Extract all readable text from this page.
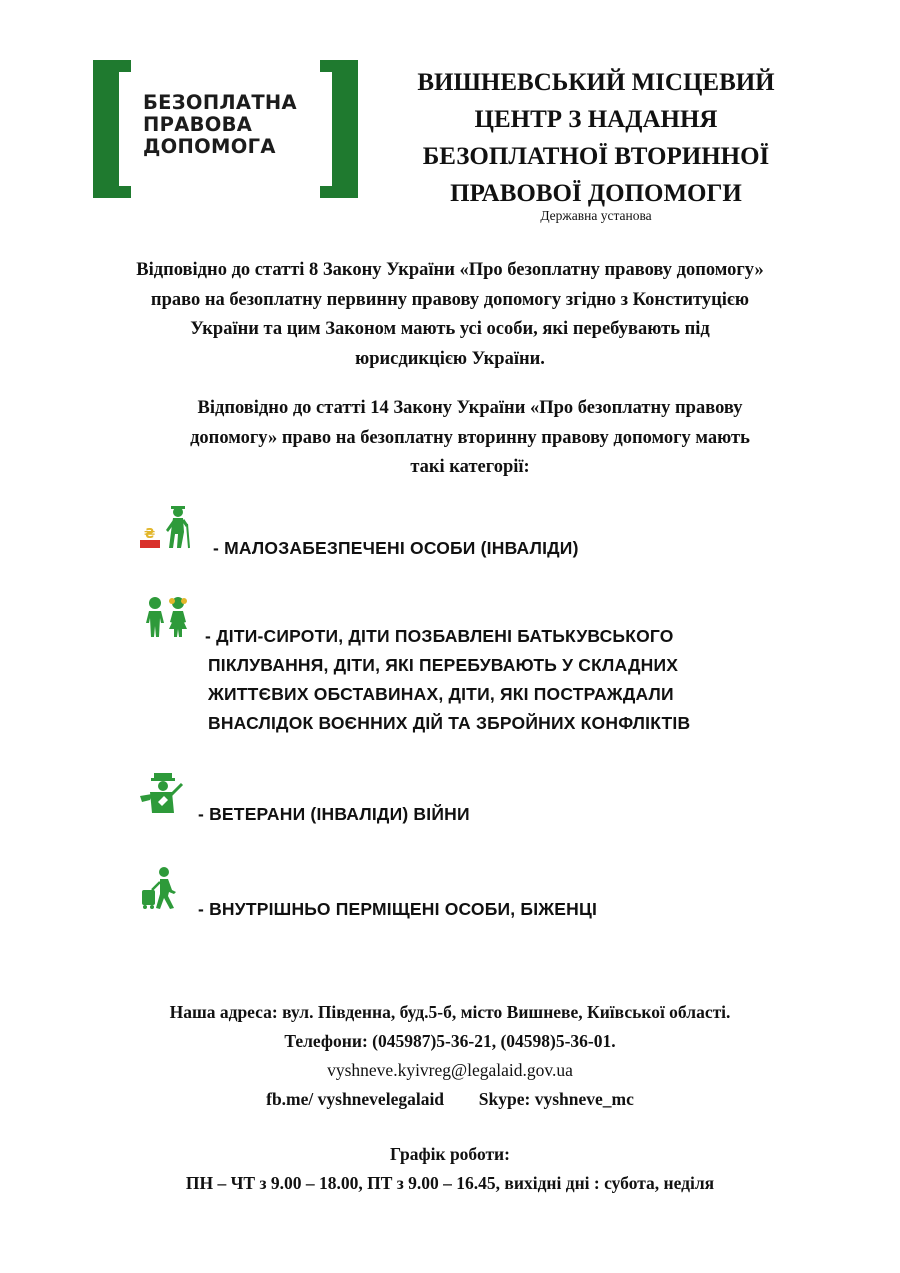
БЕЗОПЛАТНА
ПРАВОВА
ДОПОМОГА
ВИШНЕВСЬКИЙ МІСЦЕВИЙ
ЦЕНТР З НАДАННЯ
БЕЗОПЛАТНОЇ ВТОРИННОЇ
ПРАВОВОЇ ДОПОМОГИ
Державна установа
Відповідно до статті 8 Закону України «Про безоплатну правову допомогу»
право на безоплатну первинну правову допомогу згідно з Конституцією
України та цим Законом мають усі особи, які перебувають під
юрисдикцією України.
Відповідно до статті 14 Закону України «Про безоплатну правову
допомогу» право на безоплатну вторинну правову допомогу мають
такі категорії:
₴
- МАЛОЗАБЕЗПЕЧЕНІ ОСОБИ (ІНВАЛІДИ)
- ДІТИ-СИРОТИ, ДІТИ ПОЗБАВЛЕНІ БАТЬКУВСЬКОГО
ПІКЛУВАННЯ, ДІТИ, ЯКІ ПЕРЕБУВАЮТЬ У СКЛАДНИХ
ЖИТТЄВИХ ОБСТАВИНАХ, ДІТИ, ЯКІ ПОСТРАЖДАЛИ
ВНАСЛІДОК ВОЄННИХ ДІЙ ТА ЗБРОЙНИХ КОНФЛІКТІВ
- ВЕТЕРАНИ (ІНВАЛІДИ) ВІЙНИ
- ВНУТРІШНЬО ПЕРМІЩЕНІ ОСОБИ, БІЖЕНЦІ
Наша адреса: вул. Південна, буд.5-б, місто Вишневе, Київської області.
Телефони: (045987)5-36-21, (04598)5-36-01.
vyshneve.kyivreg@legalaid.gov.ua
fb.me/ vyshnevelegalaid Skype: vyshneve_mc
Графік роботи:
ПН – ЧТ з 9.00 – 18.00, ПТ з 9.00 – 16.45, вихідні дні : субота, неділя
